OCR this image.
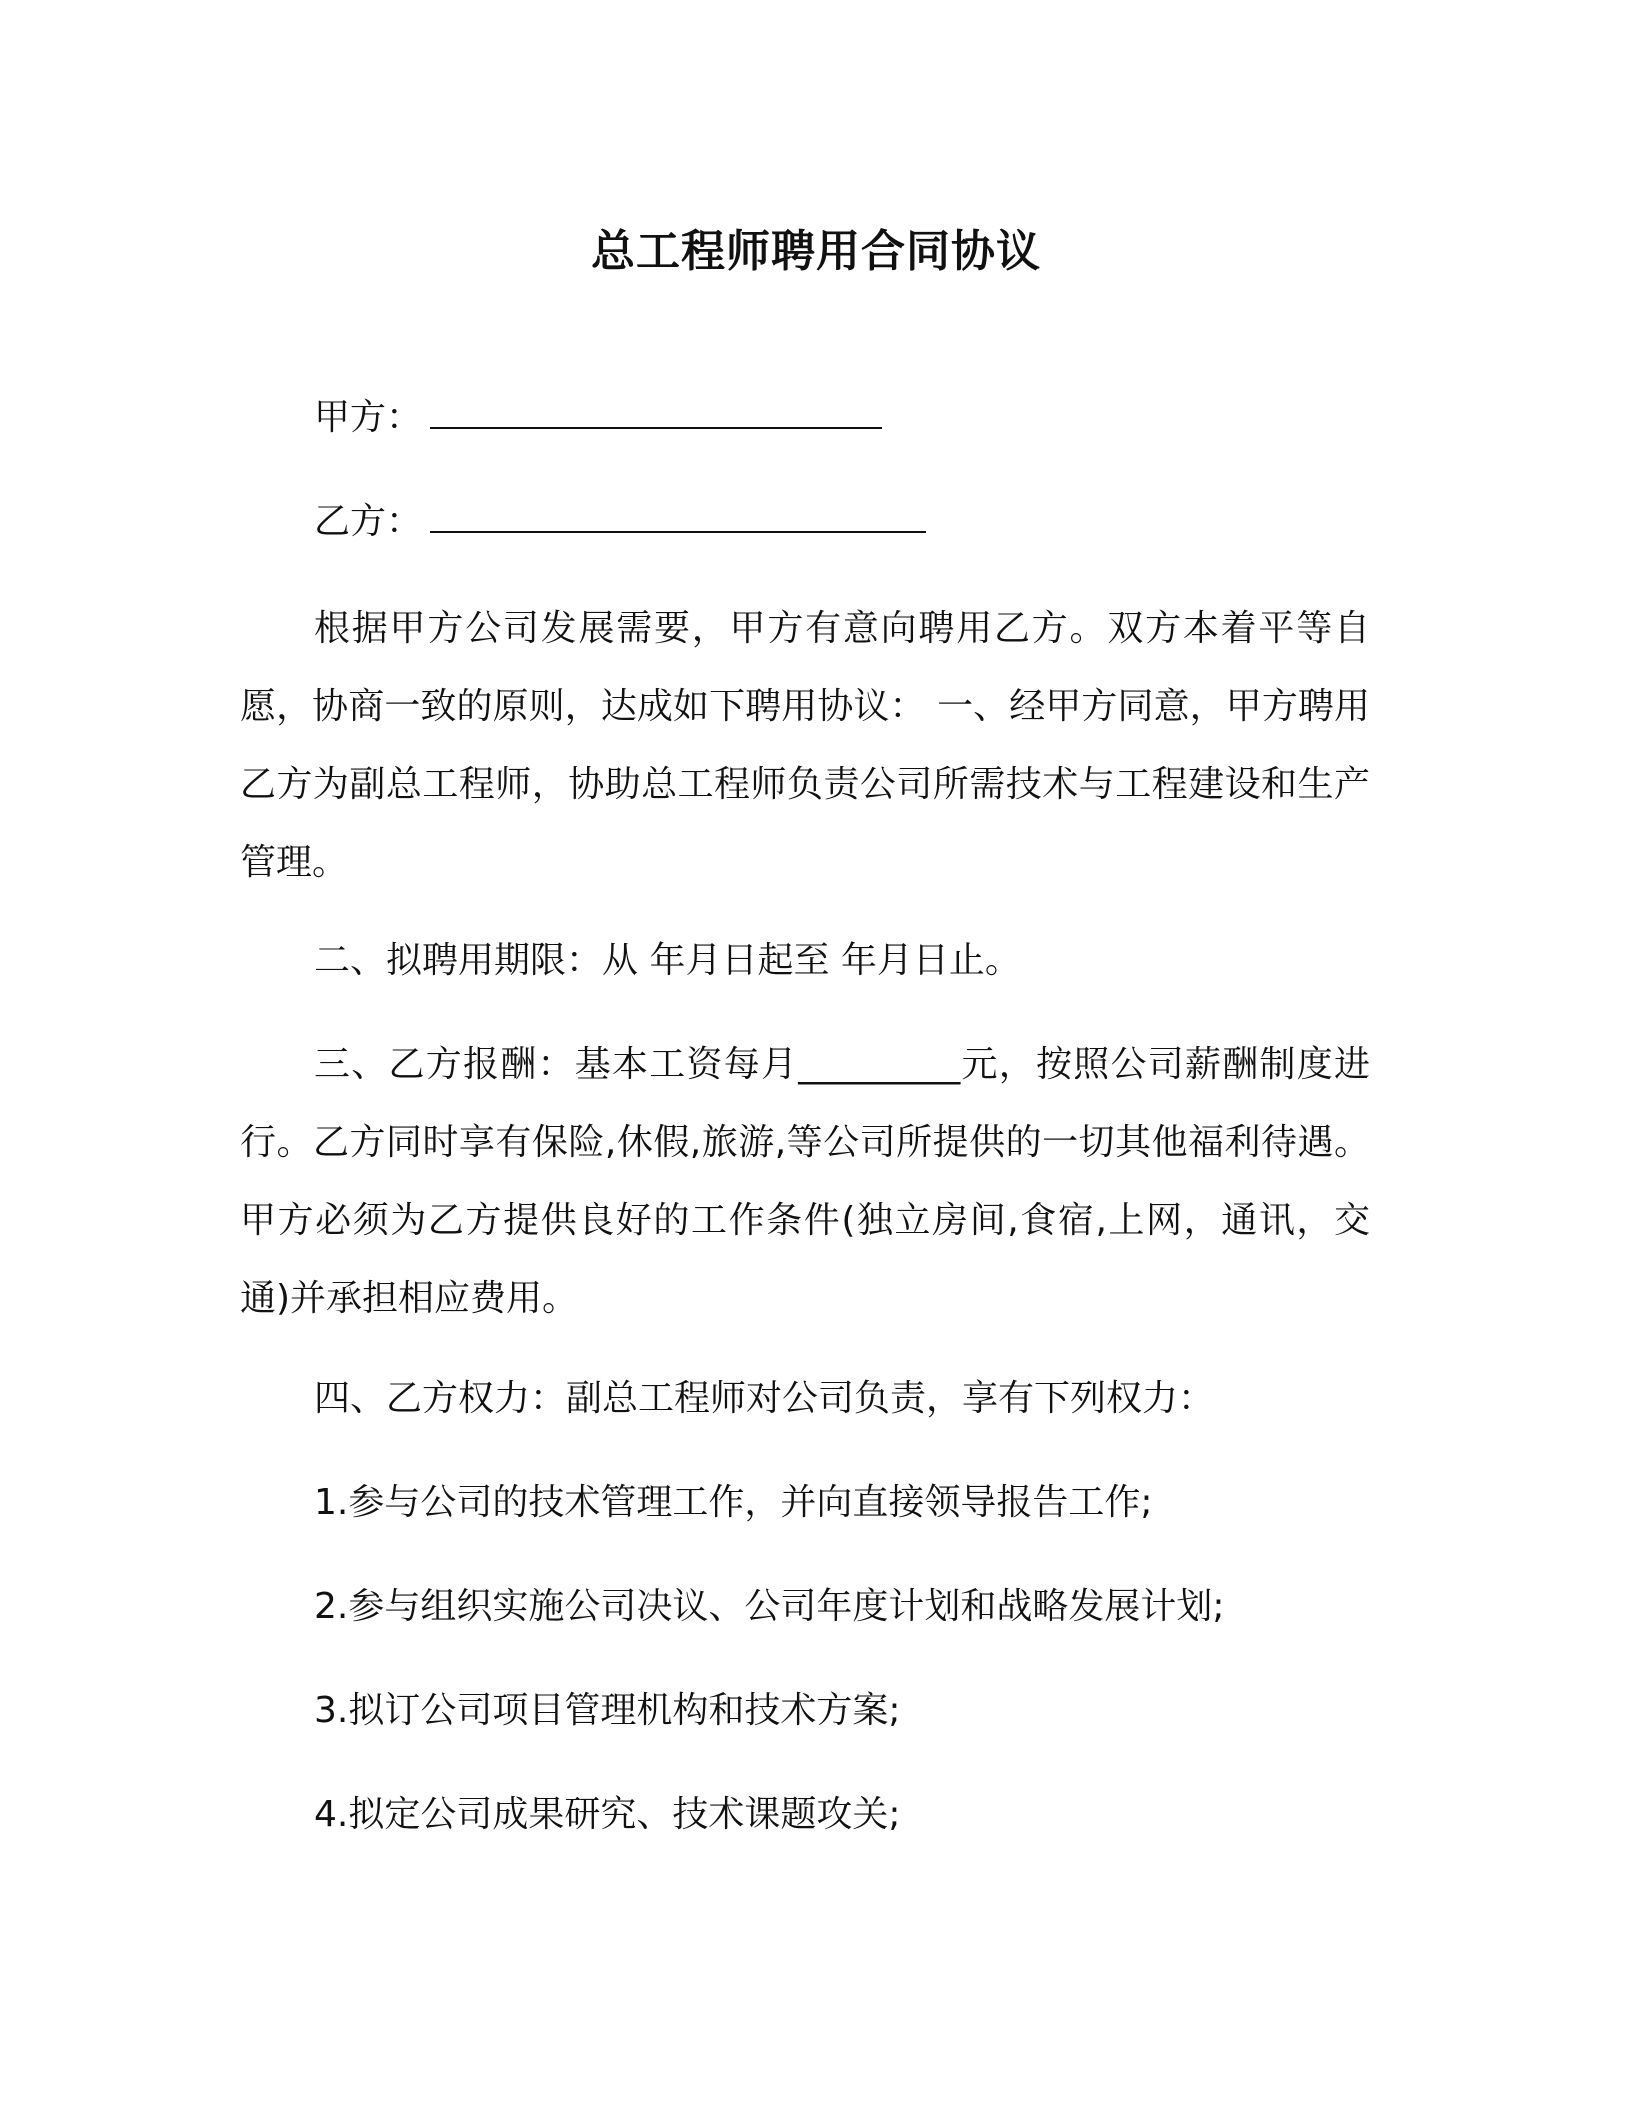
总工程师聘用合同协议
甲方：
乙方：
根据甲方公司发展需要，甲方有意向聘用乙方。双方本着平等自愿，协商一致的原则，达成如下聘用协议： 一、经甲方同意，甲方聘用乙方为副总工程师，协助总工程师负责公司所需技术与工程建设和生产管理。
二、拟聘用期限：从 年月日起至 年月日止。
三、乙方报酬：基本工资每月_________元，按照公司薪酬制度进行。乙方同时享有保险,休假,旅游,等公司所提供的一切其他福利待遇。甲方必须为乙方提供良好的工作条件(独立房间,食宿,上网，通讯，交通)并承担相应费用。
四、乙方权力：副总工程师对公司负责，享有下列权力：
1.参与公司的技术管理工作，并向直接领导报告工作;
2.参与组织实施公司决议、公司年度计划和战略发展计划;
3.拟订公司项目管理机构和技术方案;
4.拟定公司成果研究、技术课题攻关;
